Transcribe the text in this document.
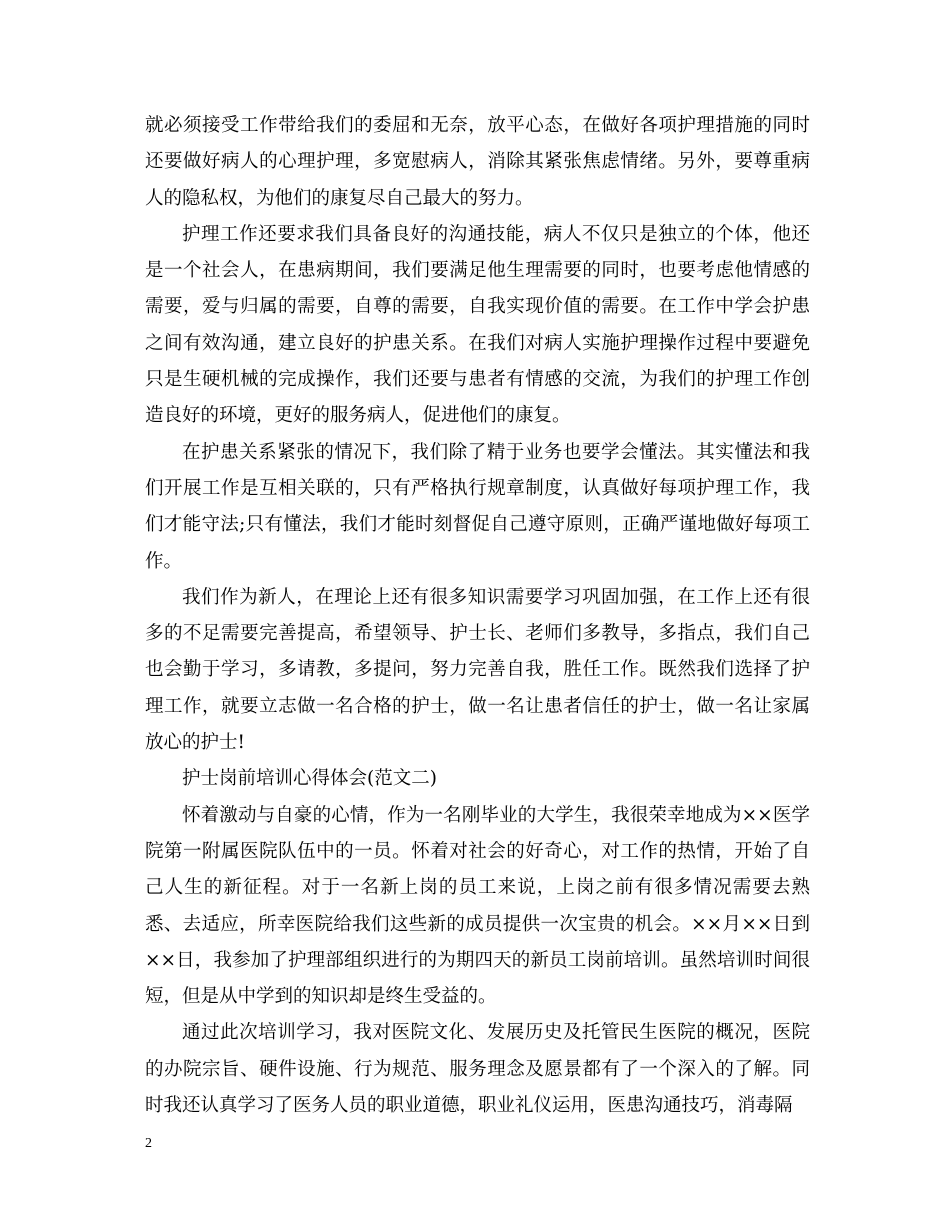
就必须接受工作带给我们的委屈和无奈，放平心态，在做好各项护理措施的同时还要做好病人的心理护理，多宽慰病人，消除其紧张焦虑情绪。另外，要尊重病人的隐私权，为他们的康复尽自己最大的努力。

护理工作还要求我们具备良好的沟通技能，病人不仅只是独立的个体，他还是一个社会人，在患病期间，我们要满足他生理需要的同时，也要考虑他情感的需要，爱与归属的需要，自尊的需要，自我实现价值的需要。在工作中学会护患之间有效沟通，建立良好的护患关系。在我们对病人实施护理操作过程中要避免只是生硬机械的完成操作，我们还要与患者有情感的交流，为我们的护理工作创造良好的环境，更好的服务病人，促进他们的康复。

在护患关系紧张的情况下，我们除了精于业务也要学会懂法。其实懂法和我们开展工作是互相关联的，只有严格执行规章制度，认真做好每项护理工作，我们才能守法;只有懂法，我们才能时刻督促自己遵守原则，正确严谨地做好每项工作。

我们作为新人，在理论上还有很多知识需要学习巩固加强，在工作上还有很多的不足需要完善提高，希望领导、护士长、老师们多教导，多指点，我们自己也会勤于学习，多请教，多提问，努力完善自我，胜任工作。既然我们选择了护理工作，就要立志做一名合格的护士，做一名让患者信任的护士，做一名让家属放心的护士!

护士岗前培训心得体会(范文二)

怀着激动与自豪的心情，作为一名刚毕业的大学生，我很荣幸地成为××医学院第一附属医院队伍中的一员。怀着对社会的好奇心，对工作的热情，开始了自己人生的新征程。对于一名新上岗的员工来说，上岗之前有很多情况需要去熟悉、去适应，所幸医院给我们这些新的成员提供一次宝贵的机会。××月××日到××日，我参加了护理部组织进行的为期四天的新员工岗前培训。虽然培训时间很短，但是从中学到的知识却是终生受益的。

通过此次培训学习，我对医院文化、发展历史及托管民生医院的概况，医院的办院宗旨、硬件设施、行为规范、服务理念及愿景都有了一个深入的了解。同时我还认真学习了医务人员的职业道德，职业礼仪运用，医患沟通技巧，消毒隔

2
